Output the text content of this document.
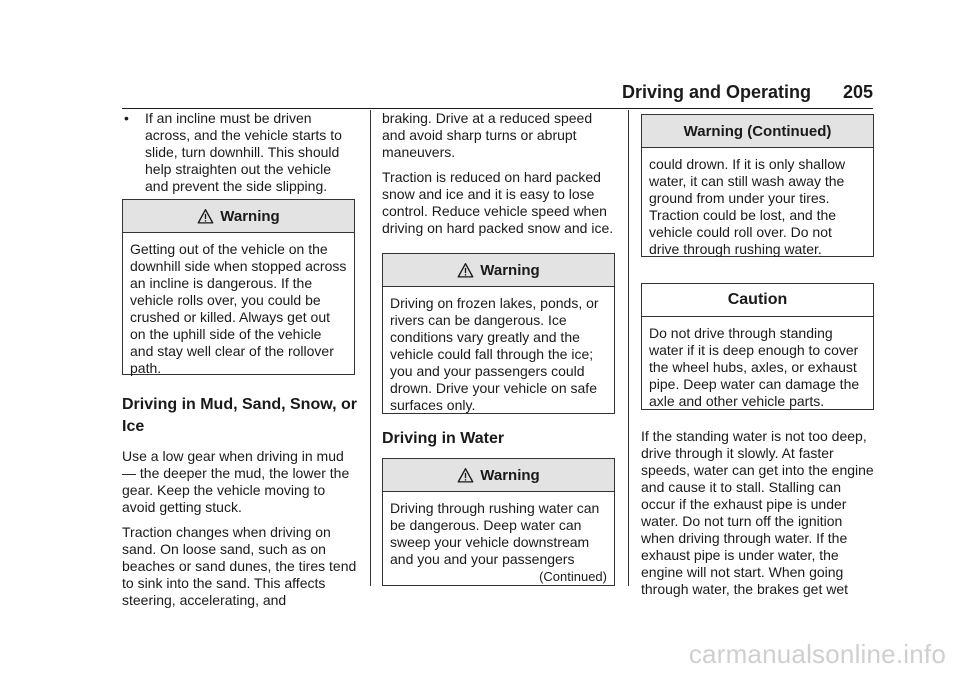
Driving and Operating 205
• If an incline must be driven across, and the vehicle starts to slide, turn downhill. This should help straighten out the vehicle and prevent the side slipping.
Warning
Getting out of the vehicle on the downhill side when stopped across an incline is dangerous. If the vehicle rolls over, you could be crushed or killed. Always get out on the uphill side of the vehicle and stay well clear of the rollover path.

Driving in Mud, Sand, Snow, or Ice

Use a low gear when driving in mud — the deeper the mud, the lower the gear. Keep the vehicle moving to avoid getting stuck.

Traction changes when driving on sand. On loose sand, such as on beaches or sand dunes, the tires tend to sink into the sand. This affects steering, accelerating, and

braking. Drive at a reduced speed and avoid sharp turns or abrupt maneuvers.

Traction is reduced on hard packed snow and ice and it is easy to lose control. Reduce vehicle speed when driving on hard packed snow and ice.

Warning
Driving on frozen lakes, ponds, or rivers can be dangerous. Ice conditions vary greatly and the vehicle could fall through the ice; you and your passengers could drown. Drive your vehicle on safe surfaces only.

Driving in Water

Warning
Driving through rushing water can be dangerous. Deep water can sweep your vehicle downstream and you and your passengers
(Continued)
Warning (Continued)
could drown. If it is only shallow water, it can still wash away the ground from under your tires. Traction could be lost, and the vehicle could roll over. Do not drive through rushing water.
Caution
Do not drive through standing water if it is deep enough to cover the wheel hubs, axles, or exhaust pipe. Deep water can damage the axle and other vehicle parts.

If the standing water is not too deep, drive through it slowly. At faster speeds, water can get into the engine and cause it to stall. Stalling can occur if the exhaust pipe is under water. Do not turn off the ignition when driving through water. If the exhaust pipe is under water, the engine will not start. When going through water, the brakes get wet

carmanualsonline.info
